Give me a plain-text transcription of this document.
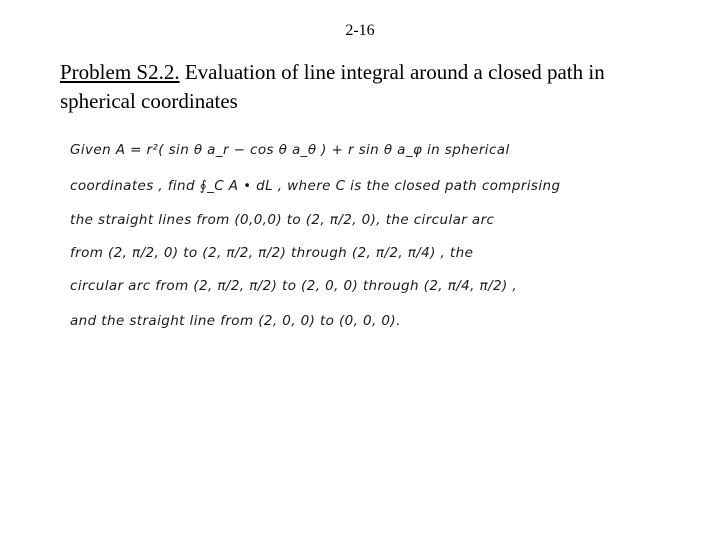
2-16
Problem S2.2. Evaluation of line integral around a closed path in spherical coordinates
Given A = r²( sin θ a_r − cos θ a_θ ) + r sin θ a_φ in spherical
coordinates , find ∮_C A • dL , where C is the closed path comprising
the straight lines from (0,0,0) to (2, π/2, 0), the circular arc
from (2, π/2, 0) to (2, π/2, π/2) through (2, π/2, π/4) , the
circular arc from (2, π/2, π/2) to (2, 0, 0) through (2, π/4, π/2) ,
and the straight line from (2, 0, 0) to (0, 0, 0).
